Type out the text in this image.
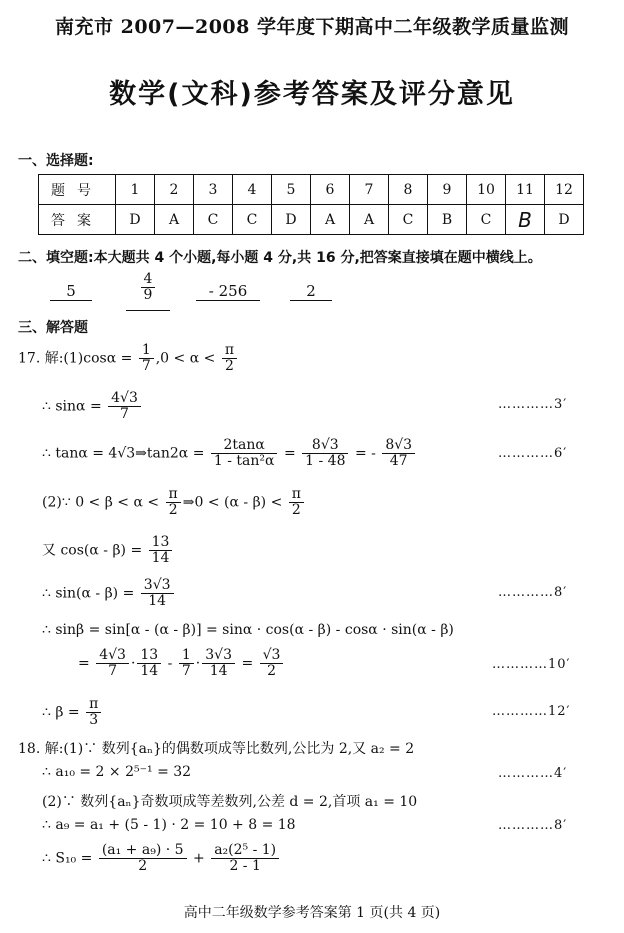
南充市 2007—2008 学年度下期高中二年级教学质量监测
数学(文科)参考答案及评分意见
一、选择题:
题号	1	2	3	4	5	6	7	8	9	10	11	12
答案	D	A	C	C	D	A	A	C	B	C	B	D
二、填空题:本大题共 4 个小题,每小题 4 分,共 16 分,把答案直接填在题中横线上。
5	$\frac{4}{9}$	- 256	2
三、解答题
17. 解:(1)cosα = $\frac{1}{7} ,0 < \alpha < \frac{\pi}{2}$
∴ $\sin\alpha = \frac{4√3}{7}$	…………3′
∴ tanα = 4√3⇒tan2α = $\frac{2\tan\alpha}{\text{1 - tan²α}} = \frac{8√3}{1 - 48}$ = - $\frac{8√3}{47}$	…………6′
(2)∵ $0 < \beta < \alpha < \frac{\pi}{2}$ ⇒0 < $(\alpha - \beta) < \frac{\pi}{2}$
又 $\cos(\alpha - \beta) = \frac{13}{14}$
∴ $\sin(\alpha - \beta) = \frac{3√3}{14}$	…………8′
∴ sinβ = sin[α - (α - β)] = sinα · cos(α - β) - cosα · sin(α - β)
= $\frac{4√3}{7} \cdot \frac{13}{14} - \frac{1}{7} \cdot \frac{3√3}{14} = \frac{√3}{2}$	…………10′
∴ $\beta = \frac{\pi}{3}$	…………12′
18. 解:(1)∵ 数列{aₙ}的偶数项成等比数列,公比为 2,又 a₂ = 2
∴ a₁₀ = 2 × 2⁵⁻¹ = 32	…………4′
(2)∵ 数列{aₙ}奇数项成等差数列,公差 d = 2,首项 a₁ = 10
∴ a₉ = a₁ + (5 - 1) · 2 = 10 + 8 = 18	…………8′
∴ $S_{10} = \frac{\text{(a₁ + a₉) · 5}}{2} + \frac{\text{a₂(2⁵ - 1)}}{2 - 1}$
高中二年级数学参考答案第 1 页(共 4 页)
